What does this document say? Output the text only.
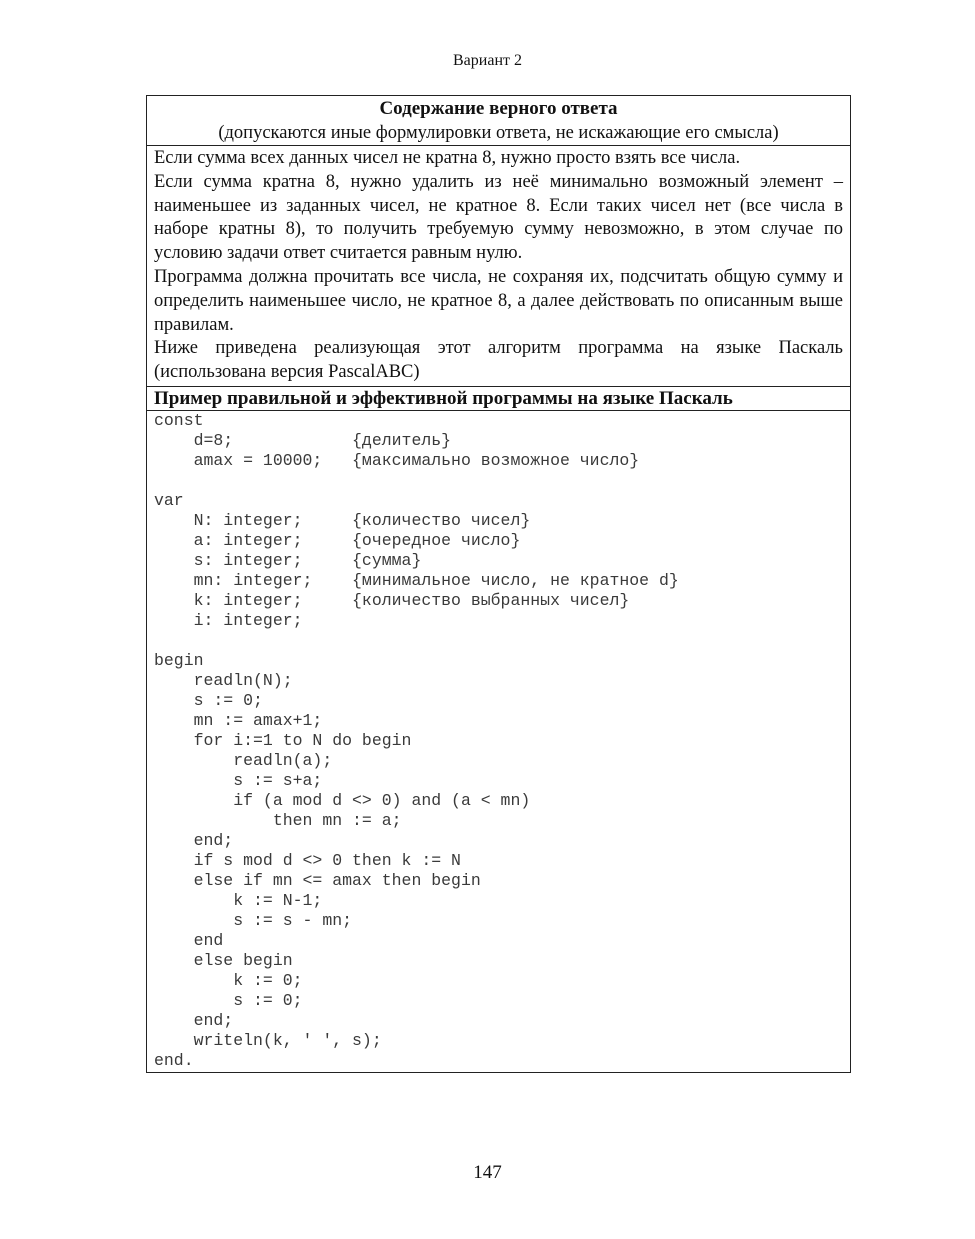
Вариант 2
Содержание верного ответа
(допускаются иные формулировки ответа, не искажающие его смысла)

Если сумма всех данных чисел не кратна 8, нужно просто взять все числа.

Если сумма кратна 8, нужно удалить из неё минимально возможный элемент – наименьшее из заданных чисел, не кратное 8. Если таких чисел нет (все числа в наборе кратны 8), то получить требуемую сумму невозможно, в этом случае по условию задачи ответ считается равным нулю.

Программа должна прочитать все числа, не сохраняя их, подсчитать общую сумму и определить наименьшее число, не кратное 8, а далее действовать по описанным выше правилам.

Ниже приведена реализующая этот алгоритм программа на языке Паскаль (использована версия PascalABC)

Пример правильной и эффективной программы на языке Паскаль
const
d=8;            {делитель}
amax = 10000;   {максимально возможное число}
var
N: integer;     {количество чисел}
a: integer;     {очередное число}
s: integer;     {сумма}
mn: integer;    {минимальное число, не кратное d}
k: integer;     {количество выбранных чисел}
i: integer;
begin
readln(N);
s := 0;
mn := amax+1;
for i:=1 to N do begin
readln(a);
s := s+a;
if (a mod d <> 0) and (a < mn)
then mn := a;
end;
if s mod d <> 0 then k := N
else if mn <= amax then begin
k := N-1;
s := s - mn;
end
else begin
k := 0;
s := 0;
end;
writeln(k, ' ', s);
end.
147
